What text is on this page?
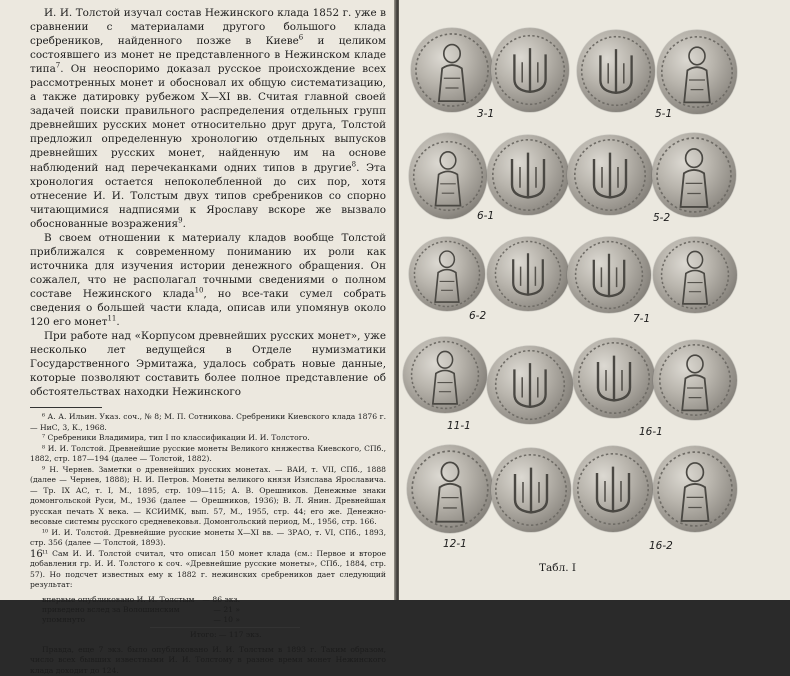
И. И. Толстой изучал состав Нежинского клада 1852 г. уже в сравнении с материалами другого большого клада сребреников, найденного позже в Киеве$^6$ и целиком состоявшего из монет не представленного в Нежинском кладе типа$^7$. Он неоспоримо доказал русское происхождение всех рассмотренных монет и обосновал их общую систематизацию, а также датировку рубежом X—XI вв. Считая главной своей задачей поиски правильного распределения отдельных групп древнейших русских монет относительно друг друга, Толстой предложил определенную хронологию отдельных выпусков древнейших русских монет, найденную им на основе наблюдений над перечеканками одних типов в другие$^8$. Эта хронология остается непоколебленной до сих пор, хотя отнесение И. И. Толстым двух типов сребреников со спорно читающимися надписями к Ярославу вскоре же вызвало обоснованные возражения$^9$.

В своем отношении к материалу кладов вообще Толстой приближался к современному пониманию их роли как источника для изучения истории денежного обращения. Он сожалел, что не располагал точными сведениями о полном составе Нежинского клада$^{10}$, но все-таки сумел собрать сведения о большей части клада, описав или упомянув около 120 его монет$^{11}$.

При работе над «Корпусом древнейших русских монет», уже несколько лет ведущейся в Отделе нумизматики Государственного Эрмитажа, удалось собрать новые данные, которые позволяют составить более полное представление об обстоятельствах находки Нежинского

⁶ А. А. Ильин. Указ. соч., № 8; М. П. Сотникова. Сребреники Киевского клада 1876 г. — НиС, 3, К., 1968.

⁷ Сребреники Владимира, тип I по классификации И. И. Толстого.

⁸ И. И. Толстой. Древнейшие русские монеты Великого княжества Киевского, СПб., 1882, стр. 187—194 (далее — Толстой, 1882).

⁹ Н. Чернев. Заметки о древнейших русских монетах. — ВАИ, т. VII, СПб., 1888 (далее — Чернев, 1888); Н. И. Петров. Монеты великого князя Изяслава Ярославича. — Тр. IX АС, т. I, М., 1895, стр. 109—115; А. В. Орешников. Денежные знаки домонгольской Руси, М., 1936 (далее — Орешников, 1936); В. Л. Янин. Древнейшая русская печать X века. — КСИИМК, вып. 57, М., 1955, стр. 44; его же. Денежно-весовые системы русского средневековья. Домонгольский период, М., 1956, стр. 166.

¹⁰ И. И. Толстой. Древнейшие русские монеты X—XI вв. — ЗРАО, т. VI, СПб., 1893, стр. 356 (далее — Толстой, 1893).

¹¹ Сам И. И. Толстой считал, что описал 150 монет клада (см.: Первое и второе добавления гр. И. И. Толстого к соч. «Древнейшие русские монеты», СПб., 1884, стр. 57). Но подсчет известных ему к 1882 г. нежинских сребреников дает следующий результат:

впервые опубликовано И. И. Толстым	— 86 экз.
приведено вслед за Волошинским	— 21 »
упомянуто	— 10 »
Итого: — 117 экз.

Правда, еще 7 экз. было опубликовано И. И. Толстым в 1893 г. Таким образом, число всех бывших известными И. И. Толстому в разное время монет Нежинского клада доходит до 124.

16
3-1	5-1
6-1	5-2
6-2	7-1
11-1	16-1
12-1	16-2
Табл. I
